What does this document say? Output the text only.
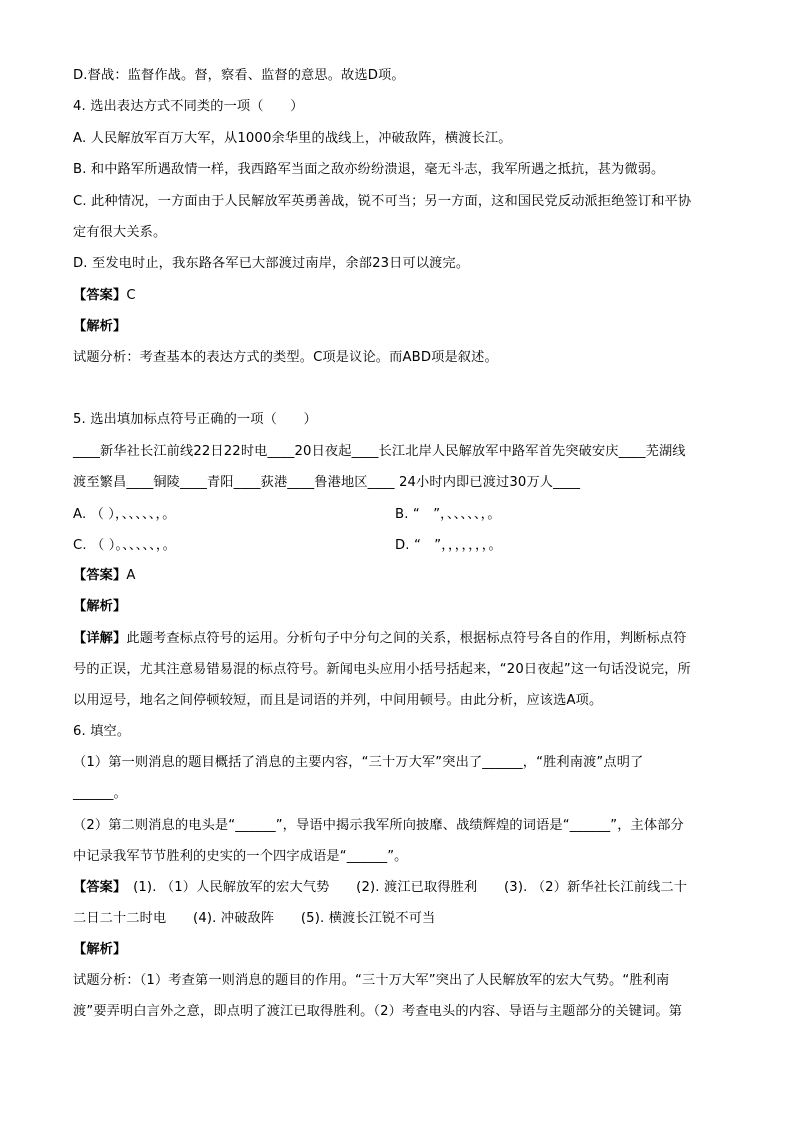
D.督战：监督作战。督，察看、监督的意思。故选D项。
4. 选出表达方式不同类的一项（　　）
A. 人民解放军百万大军，从1000余华里的战线上，冲破敌阵，横渡长江。
B. 和中路军所遇敌情一样，我西路军当面之敌亦纷纷溃退，毫无斗志，我军所遇之抵抗，甚为微弱。
C. 此种情况，一方面由于人民解放军英勇善战，锐不可当；另一方面，这和国民党反动派拒绝签订和平协
定有很大关系。
D. 至发电时止，我东路各军已大部渡过南岸，余部23日可以渡完。
【答案】C
【解析】
试题分析：考查基本的表达方式的类型。C项是议论。而ABD项是叙述。
5. 选出填加标点符号正确的一项（　　）
____新华社长江前线22日22时电____20日夜起____长江北岸人民解放军中路军首先突破安庆____芜湖线
渡至繁昌____铜陵____青阳____荻港____鲁港地区____ 24小时内即已渡过30万人____
A. （ ），、、、、、，。	B. “　”，、、、、、，。
C. （ ）。、、、、、，。	D. “　”，，，，，，，。
【答案】A
【解析】
【详解】此题考查标点符号的运用。分析句子中分句之间的关系，根据标点符号各自的作用，判断标点符
号的正误，尤其注意易错易混的标点符号。新闻电头应用小括号括起来，“20日夜起”这一句话没说完，所
以用逗号，地名之间停顿较短，而且是词语的并列，中间用顿号。由此分析，应该选A项。
6. 填空。
（1）第一则消息的题目概括了消息的主要内容，“三十万大军”突出了______，“胜利南渡”点明了
______。
（2）第二则消息的电头是“______”，导语中揭示我军所向披靡、战绩辉煌的词语是“______”，主体部分
中记录我军节节胜利的史实的一个四字成语是“______”。
【答案】　(1). （1）人民解放军的宏大气势　　(2). 渡江已取得胜利　　(3). （2）新华社长江前线二十
二日二十二时电　　(4). 冲破敌阵　　(5). 横渡长江锐不可当
【解析】
试题分析：（1）考查第一则消息的题目的作用。“三十万大军”突出了人民解放军的宏大气势。“胜利南
渡”要弄明白言外之意，即点明了渡江已取得胜利。（2）考查电头的内容、导语与主题部分的关键词。第
